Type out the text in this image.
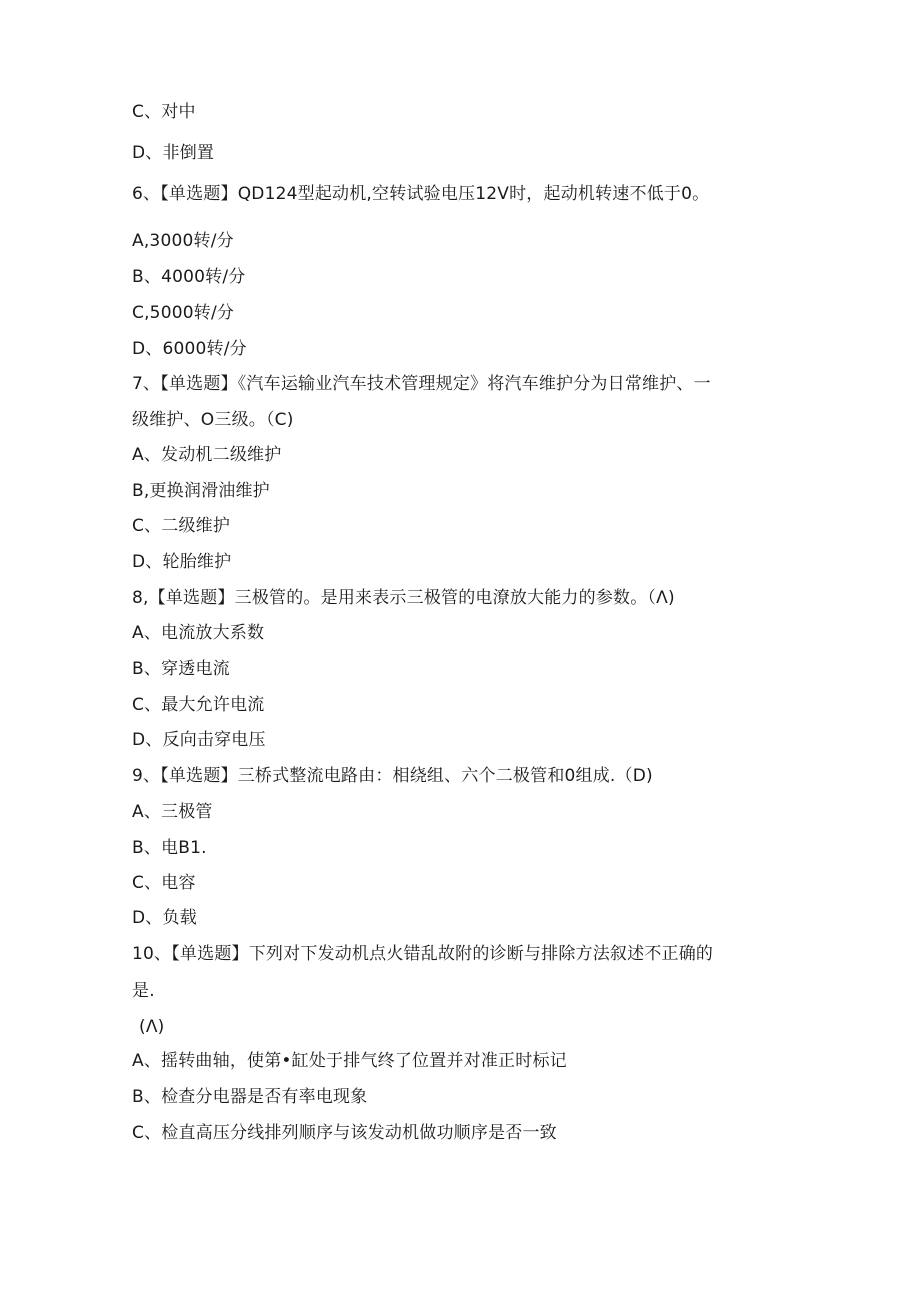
C、对中
D、非倒置
6、【单选题】QD124型起动机,空转试验电压12V时，起动机转速不低于0。
A,3000转/分
B、4000转/分
C,5000转/分
D、6000转/分
7、【单选题】《汽车运输业汽车技术管理规定》将汽车维护分为日常维护、一
级维护、O三级。（C)
A、发动机二级维护
B,更换润滑油维护
C、二级维护
D、轮胎维护
8,【单选题】三极管的。是用来表示三极管的电潦放大能力的参数。（Λ)
A、电流放大系数
B、穿透电流
C、最大允许电流
D、反向击穿电压
9、【单选题】三桥式整流电路由：相绕组、六个二极管和0组成.（D)
A、三极管
B、电B1.
C、电容
D、负载
10、【单选题】下列对下发动机点火错乱故附的诊断与排除方法叙述不正确的
是.
(Λ)
A、摇转曲轴，使第•缸处于排气终了位置并对准正时标记
B、检查分电器是否有率电现象
C、检直高压分线排列顺序与该发动机做功顺序是否一致
